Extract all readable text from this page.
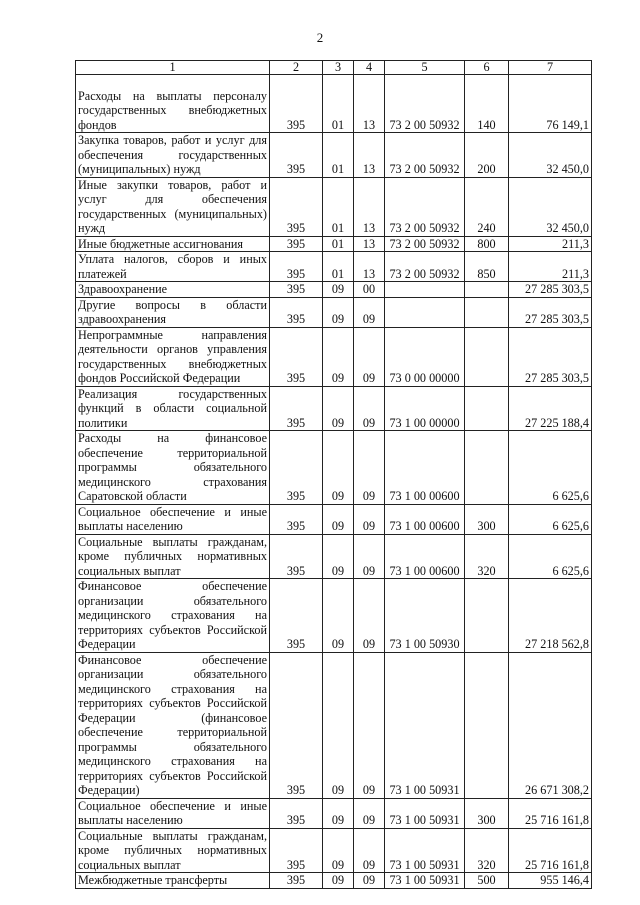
2
1	2	3	4	5	6	7
Расходы на выплаты персоналу государственных внебюджетных фондов	395	01	13	73 2 00 50932	140	76 149,1
Закупка товаров, работ и услуг для обеспечения государственных (муниципальных) нужд	395	01	13	73 2 00 50932	200	32 450,0
Иные закупки товаров, работ и услуг для обеспечения государственных (муниципальных) нужд	395	01	13	73 2 00 50932	240	32 450,0
Иные бюджетные ассигнования	395	01	13	73 2 00 50932	800	211,3
Уплата налогов, сборов и иных платежей	395	01	13	73 2 00 50932	850	211,3
Здравоохранение	395	09	00			27 285 303,5
Другие вопросы в области здравоохранения	395	09	09			27 285 303,5
Непрограммные направления деятельности органов управления государственных внебюджетных фондов Российской Федерации	395	09	09	73 0 00 00000		27 285 303,5
Реализация государственных функций в области социальной политики	395	09	09	73 1 00 00000		27 225 188,4
Расходы на финансовое обеспечение территориальной программы обязательного медицинского страхования Саратовской области	395	09	09	73 1 00 00600		6 625,6
Социальное обеспечение и иные выплаты населению	395	09	09	73 1 00 00600	300	6 625,6
Социальные выплаты гражданам, кроме публичных нормативных социальных выплат	395	09	09	73 1 00 00600	320	6 625,6
Финансовое обеспечение организации обязательного медицинского страхования на территориях субъектов Российской Федерации	395	09	09	73 1 00 50930		27 218 562,8
Финансовое обеспечение организации обязательного медицинского страхования на территориях субъектов Российской Федерации (финансовое обеспечение территориальной программы обязательного медицинского страхования на территориях субъектов Российской Федерации)	395	09	09	73 1 00 50931		26 671 308,2
Социальное обеспечение и иные выплаты населению	395	09	09	73 1 00 50931	300	25 716 161,8
Социальные выплаты гражданам, кроме публичных нормативных социальных выплат	395	09	09	73 1 00 50931	320	25 716 161,8
Межбюджетные трансферты	395	09	09	73 1 00 50931	500	955 146,4
